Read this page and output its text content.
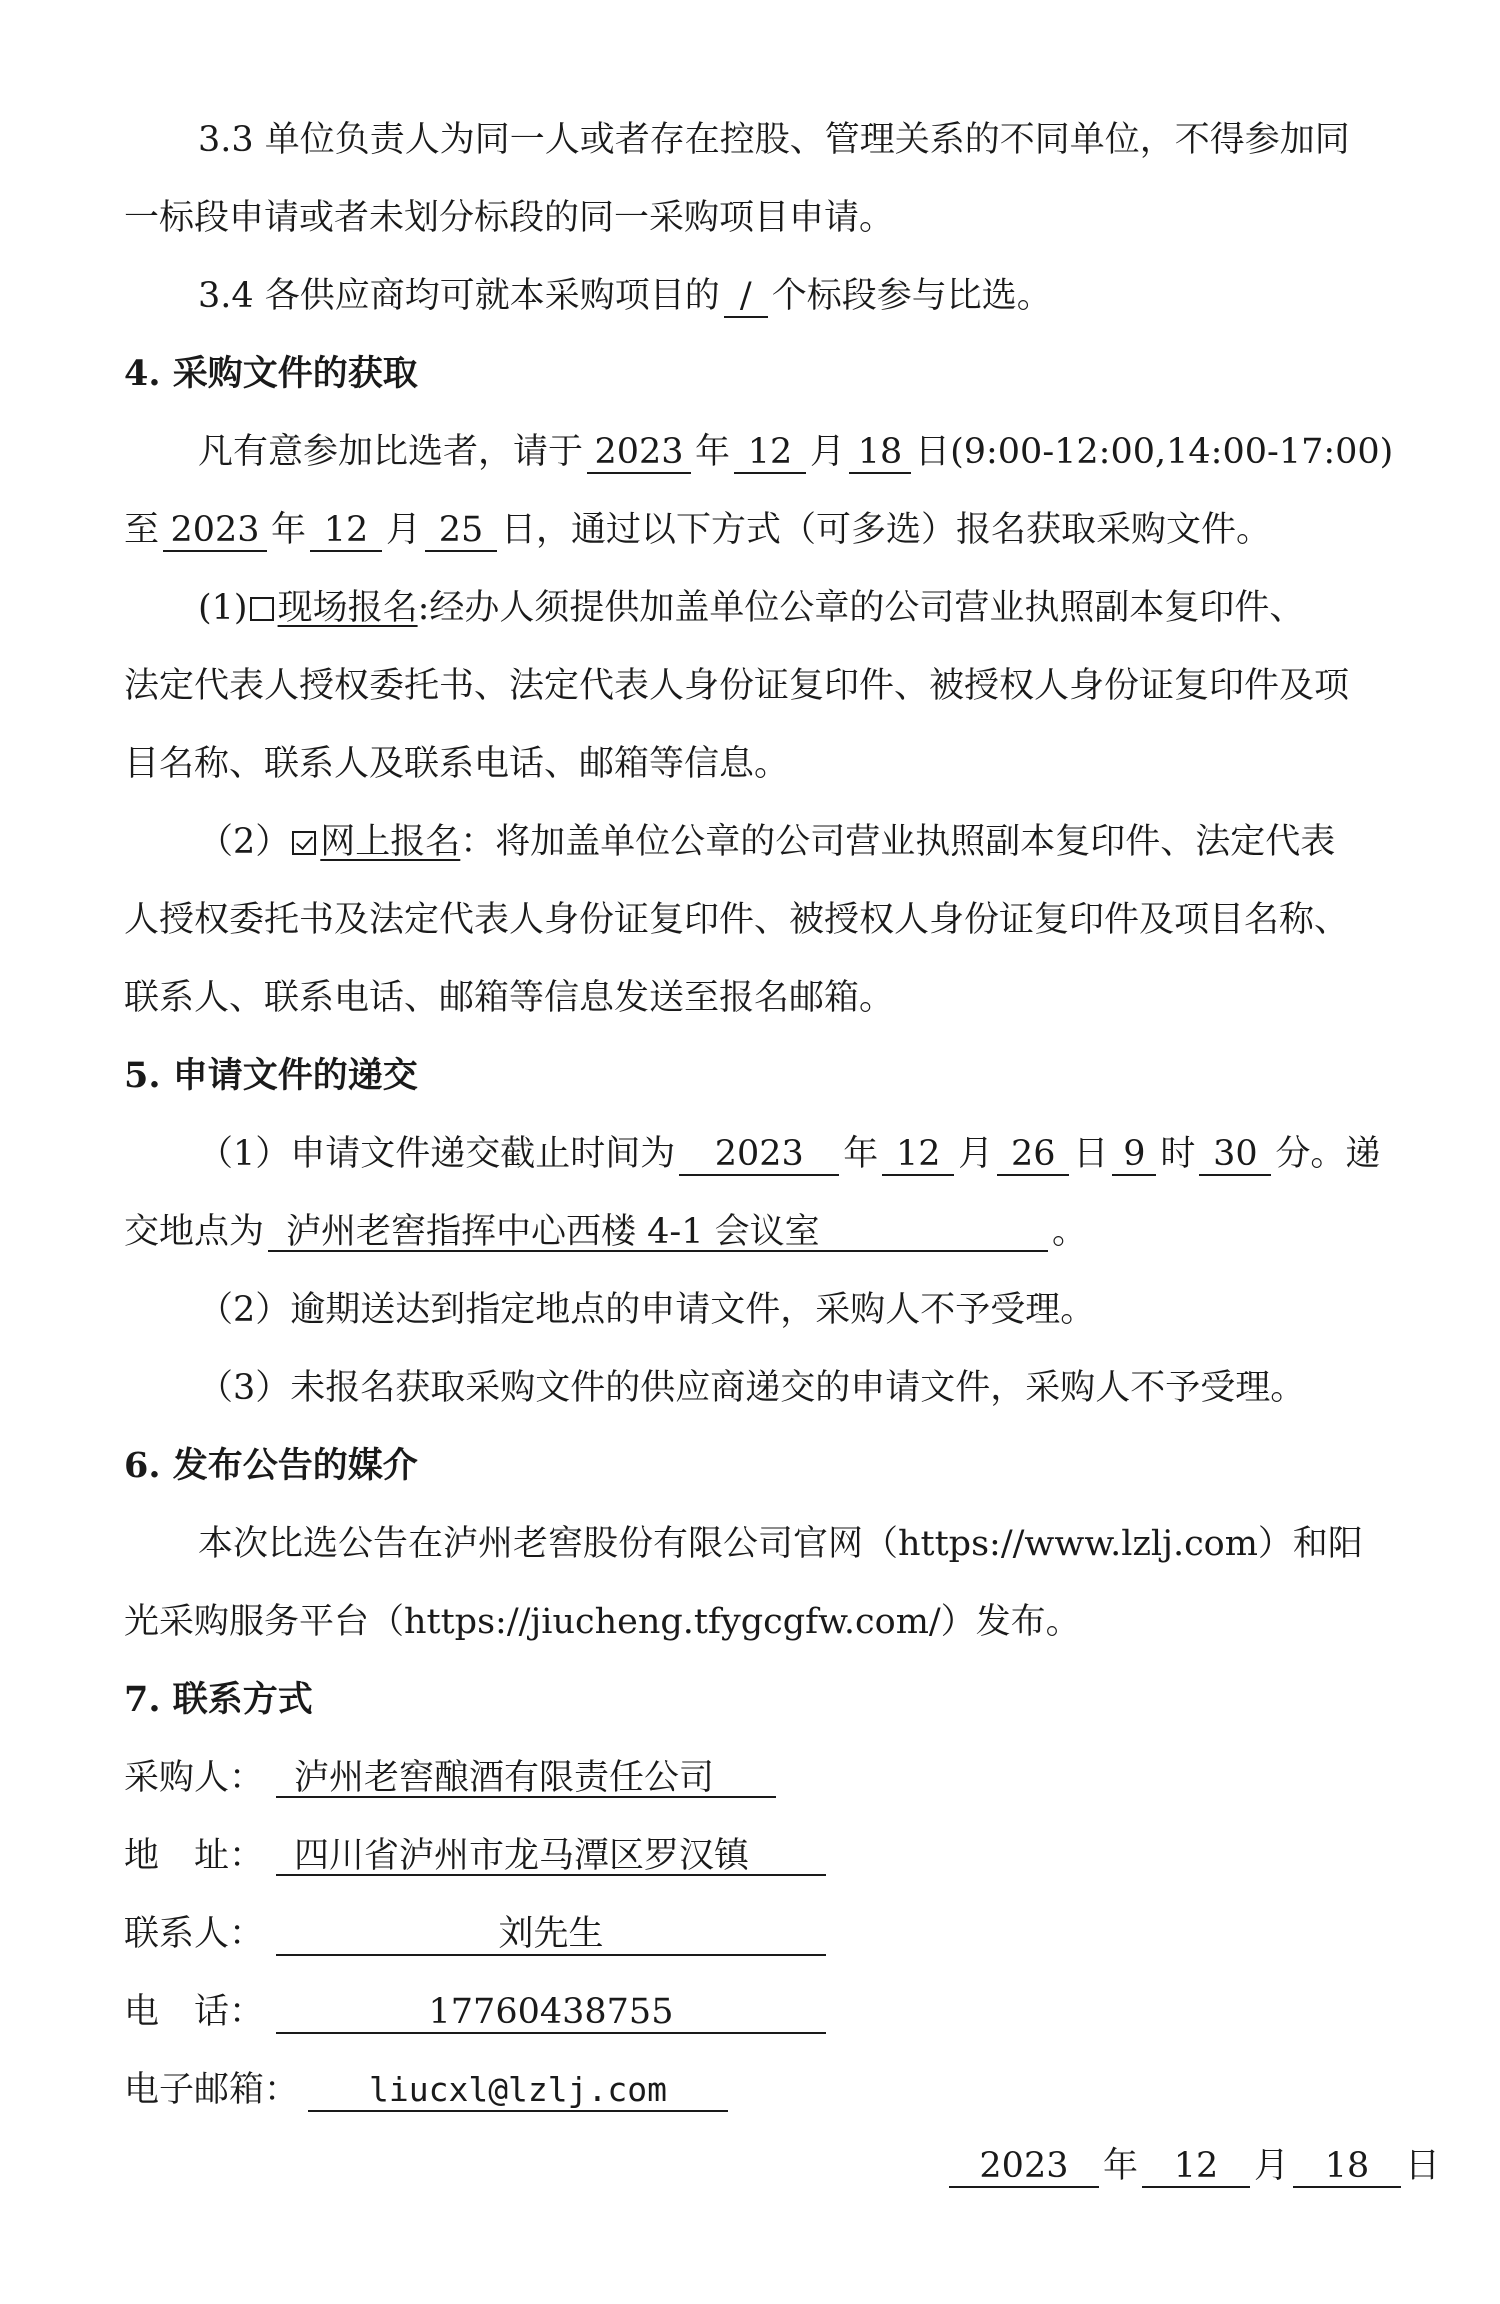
3.3 单位负责人为同一人或者存在控股、管理关系的不同单位，不得参加同
一标段申请或者未划分标段的同一采购项目申请。
3.4 各供应商均可就本采购项目的 / 个标段参与比选。
4. 采购文件的获取
凡有意参加比选者，请于 2023 年 12 月 18 日(9:00-12:00,14:00-17:00)
至 2023 年 12 月 25 日，通过以下方式（可多选）报名获取采购文件。
(1) 现场报名:经办人须提供加盖单位公章的公司营业执照副本复印件、
法定代表人授权委托书、法定代表人身份证复印件、被授权人身份证复印件及项
目名称、联系人及联系电话、邮箱等信息。
（2） 网上报名：将加盖单位公章的公司营业执照副本复印件、法定代表
人授权委托书及法定代表人身份证复印件、被授权人身份证复印件及项目名称、
联系人、联系电话、邮箱等信息发送至报名邮箱。
5. 申请文件的递交
（1）申请文件递交截止时间为 2023 年 12 月 26 日 9 时 30 分。递
交地点为 泸州老窖指挥中心西楼 4-1 会议室	。
（2）逾期送达到指定地点的申请文件，采购人不予受理。
（3）未报名获取采购文件的供应商递交的申请文件，采购人不予受理。
6. 发布公告的媒介
本次比选公告在泸州老窖股份有限公司官网（https://www.lzlj.com）和阳
光采购服务平台（https://jiucheng.tfygcgfw.com/）发布。
7. 联系方式
采购人： 泸州老窖酿酒有限责任公司
地　址： 四川省泸州市龙马潭区罗汉镇
联系人：	刘先生
电　话：	17760438755
电子邮箱： liucxl@lzlj.com
2023 年 12 月 18 日
